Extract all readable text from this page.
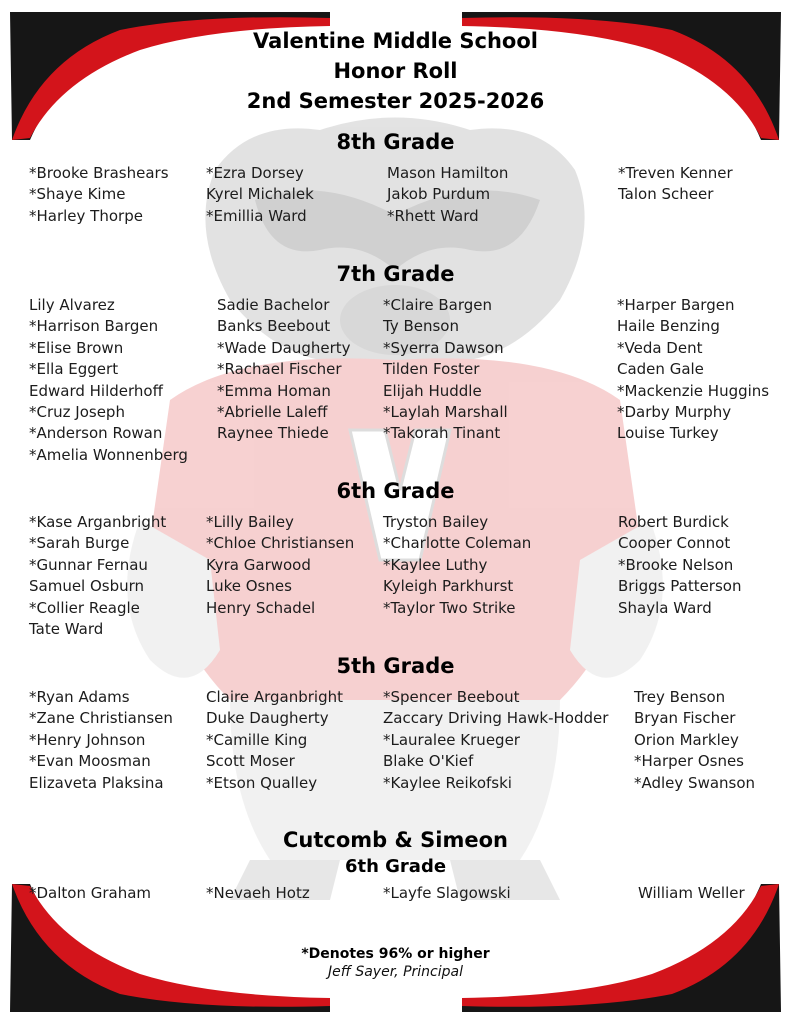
Valentine Middle School
Honor Roll
2nd Semester 2025-2026
8th Grade
*Brooke Brashears
*Shaye Kime
*Harley Thorpe
*Ezra Dorsey
Kyrel Michalek
*Emillia Ward
Mason Hamilton
Jakob Purdum
*Rhett Ward
*Treven Kenner
Talon Scheer
7th Grade
Lily Alvarez
*Harrison Bargen
*Elise Brown
*Ella Eggert
Edward Hilderhoff
*Cruz Joseph
*Anderson Rowan
*Amelia Wonnenberg
Sadie Bachelor
Banks Beebout
*Wade Daugherty
*Rachael Fischer
*Emma Homan
*Abrielle Laleff
Raynee Thiede
*Claire Bargen
Ty Benson
*Syerra Dawson
Tilden Foster
Elijah Huddle
*Laylah Marshall
*Takorah Tinant
*Harper Bargen
Haile Benzing
*Veda Dent
Caden Gale
*Mackenzie Huggins
*Darby Murphy
Louise Turkey
6th Grade
*Kase Arganbright
*Sarah Burge
*Gunnar Fernau
Samuel Osburn
*Collier Reagle
Tate Ward
*Lilly Bailey
*Chloe Christiansen
Kyra Garwood
Luke Osnes
Henry Schadel
Tryston Bailey
*Charlotte Coleman
*Kaylee Luthy
Kyleigh Parkhurst
*Taylor Two Strike
Robert Burdick
Cooper Connot
*Brooke Nelson
Briggs Patterson
Shayla Ward
5th Grade
*Ryan Adams
*Zane Christiansen
*Henry Johnson
*Evan Moosman
Elizaveta Plaksina
Claire Arganbright
Duke Daugherty
*Camille King
Scott Moser
*Etson Qualley
*Spencer Beebout
Zaccary Driving Hawk-Hodder
*Lauralee Krueger
Blake O'Kief
*Kaylee Reikofski
Trey Benson
Bryan Fischer
Orion Markley
*Harper Osnes
*Adley Swanson
Cutcomb & Simeon
6th Grade
*Dalton Graham	*Nevaeh Hotz	*Layfe Slagowski	William Weller
*Denotes 96% or higher
Jeff Sayer, Principal
